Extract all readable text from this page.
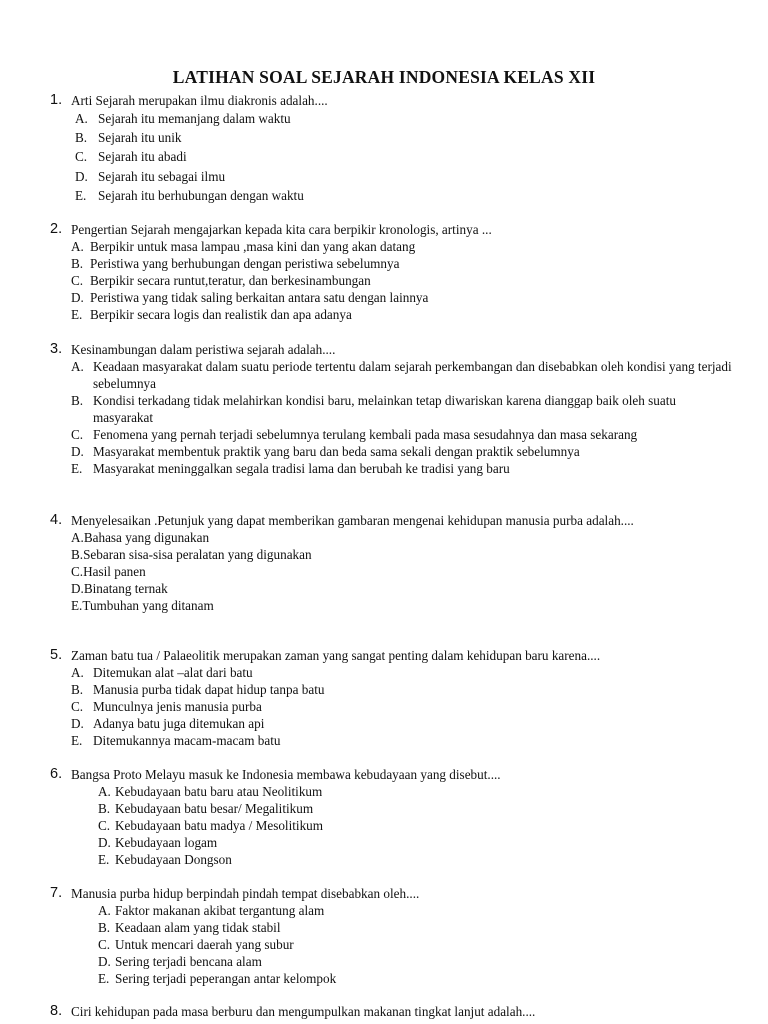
LATIHAN SOAL SEJARAH INDONESIA KELAS XII
1. Arti Sejarah merupakan ilmu diakronis adalah....
A. Sejarah itu memanjang dalam waktu
B. Sejarah itu unik
C. Sejarah itu abadi
D. Sejarah itu sebagai ilmu
E. Sejarah itu berhubungan dengan waktu
2. Pengertian Sejarah mengajarkan kepada kita cara berpikir kronologis, artinya ...
A. Berpikir untuk masa lampau ,masa kini dan yang akan datang
B. Peristiwa yang berhubungan dengan peristiwa sebelumnya
C. Berpikir secara runtut,teratur, dan berkesinambungan
D. Peristiwa yang tidak saling berkaitan antara satu dengan lainnya
E. Berpikir secara logis dan realistik dan apa adanya
3. Kesinambungan dalam peristiwa sejarah adalah....
A. Keadaan masyarakat dalam suatu periode tertentu dalam sejarah perkembangan dan disebabkan oleh kondisi yang terjadi sebelumnya
B. Kondisi terkadang tidak melahirkan kondisi baru, melainkan tetap diwariskan karena dianggap baik oleh suatu masyarakat
C. Fenomena yang pernah terjadi sebelumnya terulang kembali pada masa sesudahnya dan masa sekarang
D. Masyarakat membentuk praktik yang baru dan beda sama sekali dengan praktik sebelumnya
E. Masyarakat meninggalkan segala tradisi lama dan berubah ke tradisi yang baru
4. Menyelesaikan .Petunjuk yang dapat memberikan gambaran mengenai kehidupan manusia purba adalah....
A.Bahasa yang digunakan
B.Sebaran sisa-sisa peralatan yang digunakan
C.Hasil panen
D.Binatang ternak
E.Tumbuhan yang ditanam
5. Zaman batu tua / Palaeolitik merupakan zaman yang sangat penting dalam kehidupan baru karena....
A. Ditemukan alat –alat dari batu
B. Manusia purba tidak dapat hidup tanpa batu
C. Munculnya jenis manusia purba
D. Adanya batu juga ditemukan api
E. Ditemukannya macam-macam batu
6. Bangsa Proto Melayu masuk ke Indonesia membawa kebudayaan yang disebut....
A. Kebudayaan batu baru atau Neolitikum
B. Kebudayaan batu besar/ Megalitikum
C. Kebudayaan batu madya / Mesolitikum
D. Kebudayaan logam
E. Kebudayaan Dongson
7. Manusia purba hidup berpindah pindah tempat disebabkan oleh....
A. Faktor makanan akibat tergantung alam
B. Keadaan alam yang tidak stabil
C. Untuk mencari daerah yang subur
D. Sering terjadi bencana alam
E. Sering terjadi peperangan antar kelompok
8. Ciri kehidupan pada masa berburu dan mengumpulkan makanan tingkat lanjut adalah....
